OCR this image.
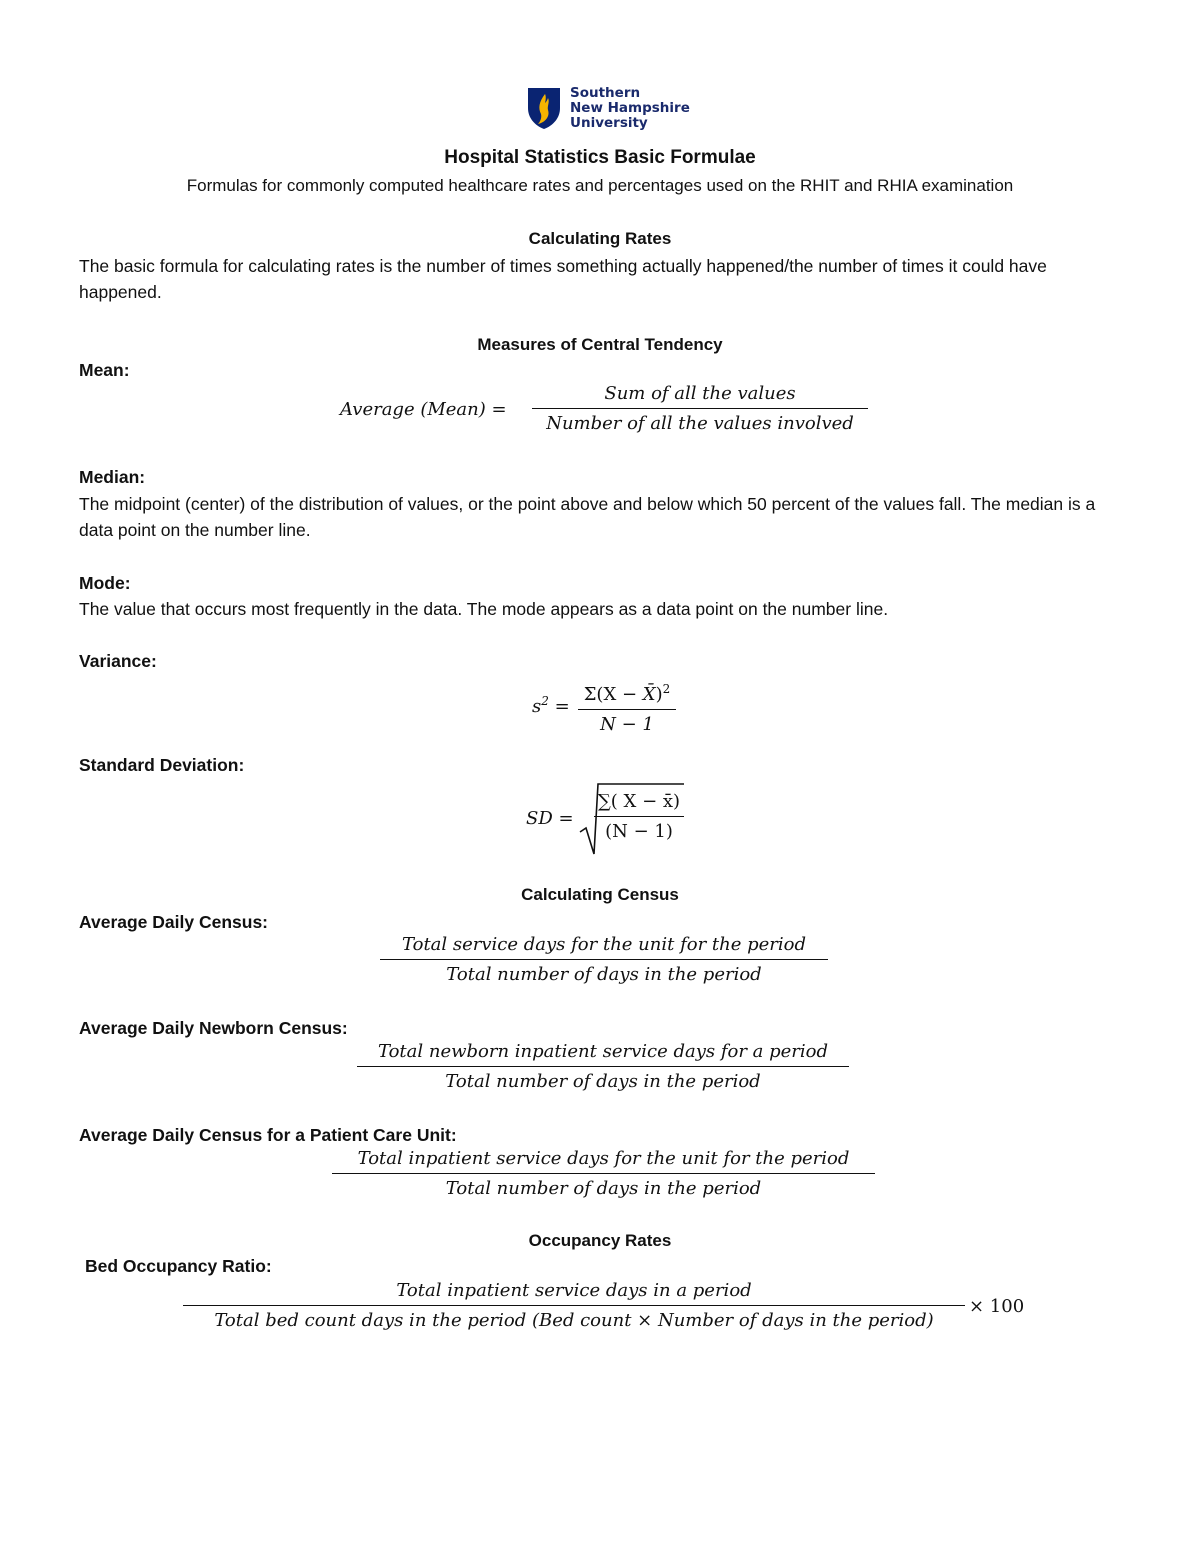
Southern
New Hampshire
University
Hospital Statistics Basic Formulae
Formulas for commonly computed healthcare rates and percentages used on the RHIT and RHIA examination
Calculating Rates
The basic formula for calculating rates is the number of times something actually happened/the number of times it could have happened.
Measures of Central Tendency
Mean:
Average (Mean) =
Sum of all the values
Number of all the values involved
Median:
The midpoint (center) of the distribution of values, or the point above and below which 50 percent of the values fall. The median is a data point on the number line.
Mode:
The value that occurs most frequently in the data. The mode appears as a data point on the number line.
Variance:
$s^2$ =
Σ(X − X̄)$^2$
N − 1
Standard Deviation:
SD =
∑( X − x̄)
(N − 1)
Calculating Census
Average Daily Census:
Total service days for the unit for the period
Total number of days in the period
Average Daily Newborn Census:
Total newborn inpatient service days for a period
Total number of days in the period
Average Daily Census for a Patient Care Unit:
Total inpatient service days for the unit for the period
Total number of days in the period
Occupancy Rates
Bed Occupancy Ratio:
Total inpatient service days in a period
Total bed count days in the period (Bed count × Number of days in the period)
× 100
